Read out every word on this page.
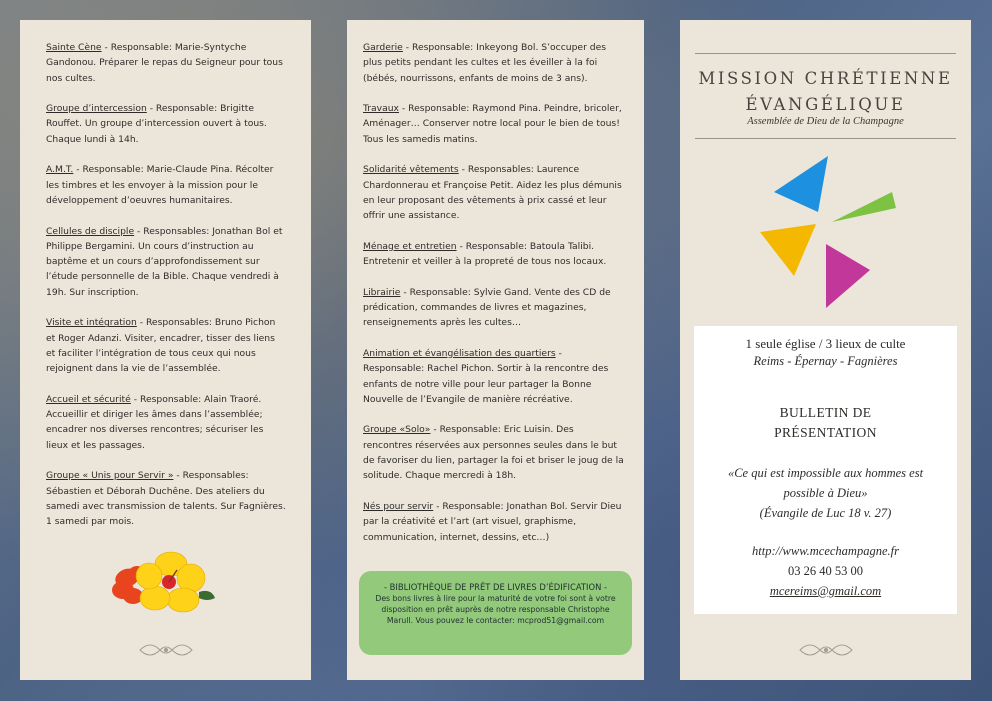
Sainte Cène - Responsable: Marie-Syntyche Gandonou. Préparer le repas du Seigneur pour tous nos cultes.

Groupe d’intercession - Responsable: Brigitte Rouffet. Un groupe d’intercession ouvert à tous. Chaque lundi à 14h.

A.M.T. - Responsable: Marie-Claude Pina. Récolter les timbres et les envoyer à la mission pour le développement d’oeuvres humanitaires.

Cellules de disciple - Responsables: Jonathan Bol et Philippe Bergamini. Un cours d’instruction au baptême et un cours d’approfondissement sur l’étude personnelle de la Bible. Chaque vendredi à 19h. Sur inscription.

Visite et intégration - Responsables: Bruno Pichon et Roger Adanzi. Visiter, encadrer, tisser des liens et faciliter l’intégration de tous ceux qui nous rejoignent dans la vie de l’assemblée.

Accueil et sécurité - Responsable: Alain Traoré. Accueillir et diriger les âmes dans l’assemblée; encadrer nos diverses rencontres; sécuriser les lieux et les passages.

Groupe « Unis pour Servir » - Responsables: Sébastien et Déborah Duchêne. Des ateliers du samedi avec transmission de talents. Sur Fagnières. 1 samedi par mois.

Garderie - Responsable: Inkeyong Bol. S’occuper des plus petits pendant les cultes et les éveiller à la foi (bébés, nourrissons, enfants de moins de 3 ans).

Travaux - Responsable: Raymond Pina. Peindre, bricoler, Aménager… Conserver notre local pour le bien de tous! Tous les samedis matins.

Solidarité vêtements - Responsables: Laurence Chardonnerau et Françoise Petit. Aidez les plus démunis en leur proposant des vêtements à prix cassé et leur offrir une assistance.

Ménage et entretien - Responsable: Batoula Talibi. Entretenir et veiller à la propreté de tous nos locaux.

Librairie - Responsable: Sylvie Gand. Vente des CD de prédication, commandes de livres et magazines, renseignements après les cultes…

Animation et évangélisation des quartiers - Responsable: Rachel Pichon. Sortir à la rencontre des enfants de notre ville pour leur partager la Bonne Nouvelle de l’Evangile de manière récréative.

Groupe «Solo» - Responsable: Eric Luisin. Des rencontres réservées aux personnes seules dans le but de favoriser du lien, partager la foi et briser le joug de la solitude. Chaque mercredi à 18h.

Nés pour servir - Responsable: Jonathan Bol. Servir Dieu par la créativité et l’art (art visuel, graphisme, communication, internet, dessins, etc…)

- BIBLIOTHÈQUE DE PRÊT DE LIVRES D’ÉDIFICATION -
Des bons livres à lire pour la maturité de votre foi sont à votre disposition en prêt auprès de notre responsable Christophe Marull. Vous pouvez le contacter: mcprod51@gmail.com
MISSION CHRÉTIENNE
ÉVANGÉLIQUE
Assemblée de Dieu de la Champagne
1 seule église / 3 lieux de culte
Reims - Épernay - Fagnières
BULLETIN DE
PRÉSENTATION
«Ce qui est impossible aux hommes est possible à Dieu»
(Évangile de Luc 18 v. 27)
http://www.mcechampagne.fr
03 26 40 53 00
mcereims@gmail.com
